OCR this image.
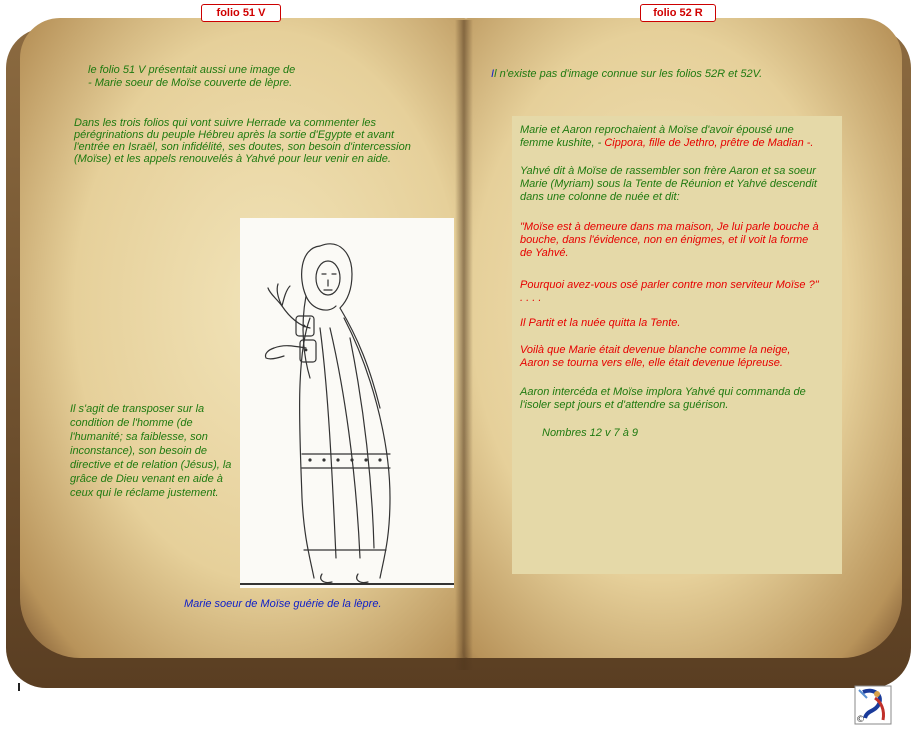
folio 51 V	folio 52 R
le folio 51 V présentait aussi une image de
- Marie soeur de Moïse couverte de lèpre.
Dans les trois folios qui vont suivre Herrade va commenter les
pérégrinations du peuple Hébreu après la sortie d'Egypte et avant
l'entrée en Israël, son infidélité, ses doutes, son besoin d'intercession
(Moïse) et les appels renouvelés à Yahvé pour leur venir en aide.
Il s'agit de transposer sur la
condition de l'homme (de
l'humanité; sa faiblesse, son
inconstance), son besoin de
directive et de relation (Jésus), la
grâce de Dieu venant en aide à
ceux qui le réclame justement.
Marie soeur de Moïse guérie de la lèpre.
Il n'existe pas d'image connue sur les folios 52R et 52V.
Marie et Aaron reprochaient à Moïse d'avoir épousé une
femme kushite, - Cippora, fille de Jethro, prêtre de Madian -.
Yahvé dit à Moïse de rassembler son frère Aaron et sa soeur
Marie (Myriam) sous la Tente de Réunion et Yahvé descendit
dans une colonne de nuée et dit:
"Moïse est à demeure dans ma maison, Je lui parle bouche à
bouche, dans l'évidence, non en énigmes, et il voit la forme
de Yahvé.
Pourquoi avez-vous osé parler contre mon serviteur Moïse ?"
. . . .
Il Partit et la nuée quitta la Tente.
Voilà que Marie était devenue blanche comme la neige,
Aaron se tourna vers elle, elle était devenue lépreuse.
Aaron intercéda et Moïse implora Yahvé qui commanda de
l'isoler sept jours et d'attendre sa guérison.
Nombres 12 v 7 à 9
©
